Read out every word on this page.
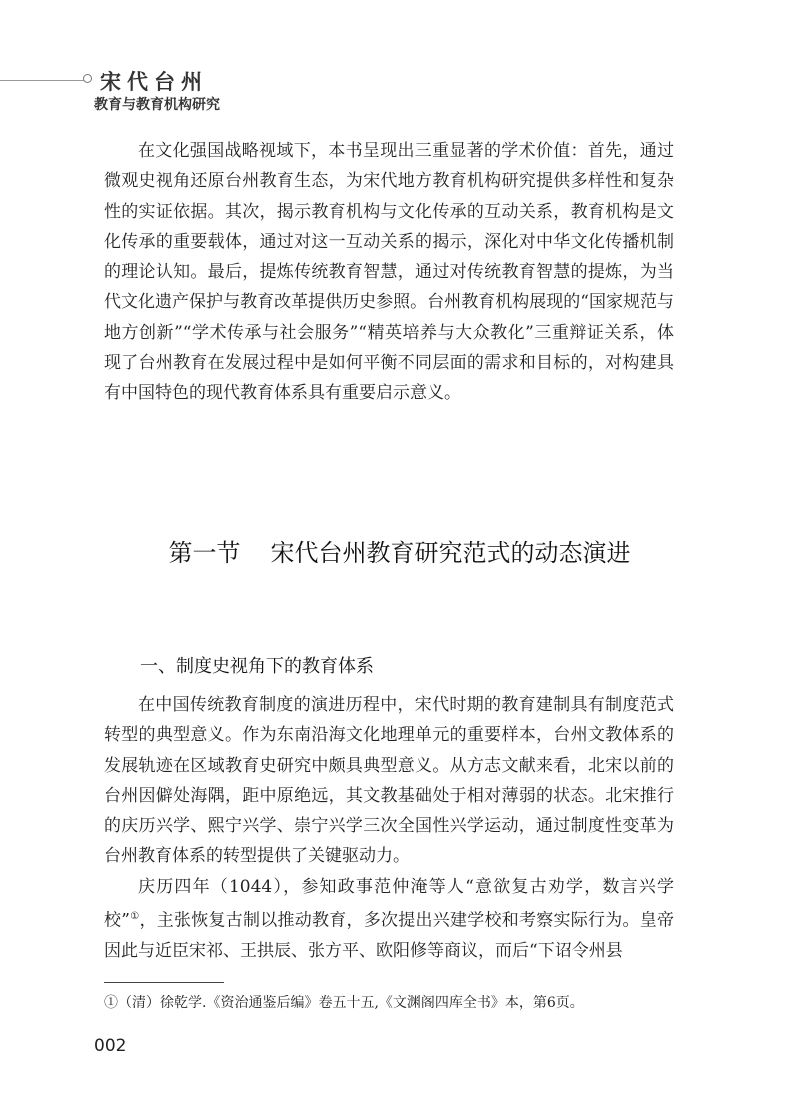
宋代台州
教育与教育机构研究

在文化强国战略视域下，本书呈现出三重显著的学术价值：首先，通过微观史视角还原台州教育生态，为宋代地方教育机构研究提供多样性和复杂性的实证依据。其次，揭示教育机构与文化传承的互动关系，教育机构是文化传承的重要载体，通过对这一互动关系的揭示，深化对中华文化传播机制的理论认知。最后，提炼传统教育智慧，通过对传统教育智慧的提炼，为当代文化遗产保护与教育改革提供历史参照。台州教育机构展现的“国家规范与地方创新”“学术传承与社会服务”“精英培养与大众教化”三重辩证关系，体现了台州教育在发展过程中是如何平衡不同层面的需求和目标的，对构建具有中国特色的现代教育体系具有重要启示意义。

第一节 宋代台州教育研究范式的动态演进
一、制度史视角下的教育体系

在中国传统教育制度的演进历程中，宋代时期的教育建制具有制度范式转型的典型意义。作为东南沿海文化地理单元的重要样本，台州文教体系的发展轨迹在区域教育史研究中颇具典型意义。从方志文献来看，北宋以前的台州因僻处海隅，距中原绝远，其文教基础处于相对薄弱的状态。北宋推行的庆历兴学、熙宁兴学、崇宁兴学三次全国性兴学运动，通过制度性变革为台州教育体系的转型提供了关键驱动力。

庆历四年（1044），参知政事范仲淹等人“意欲复古劝学，数言兴学校”①，主张恢复古制以推动教育，多次提出兴建学校和考察实际行为。皇帝因此与近臣宋祁、王拱辰、张方平、欧阳修等商议，而后“下诏令州县

①（清）徐乾学.《资治通鉴后编》卷五十五,《文渊阁四库全书》本，第6页。
002
